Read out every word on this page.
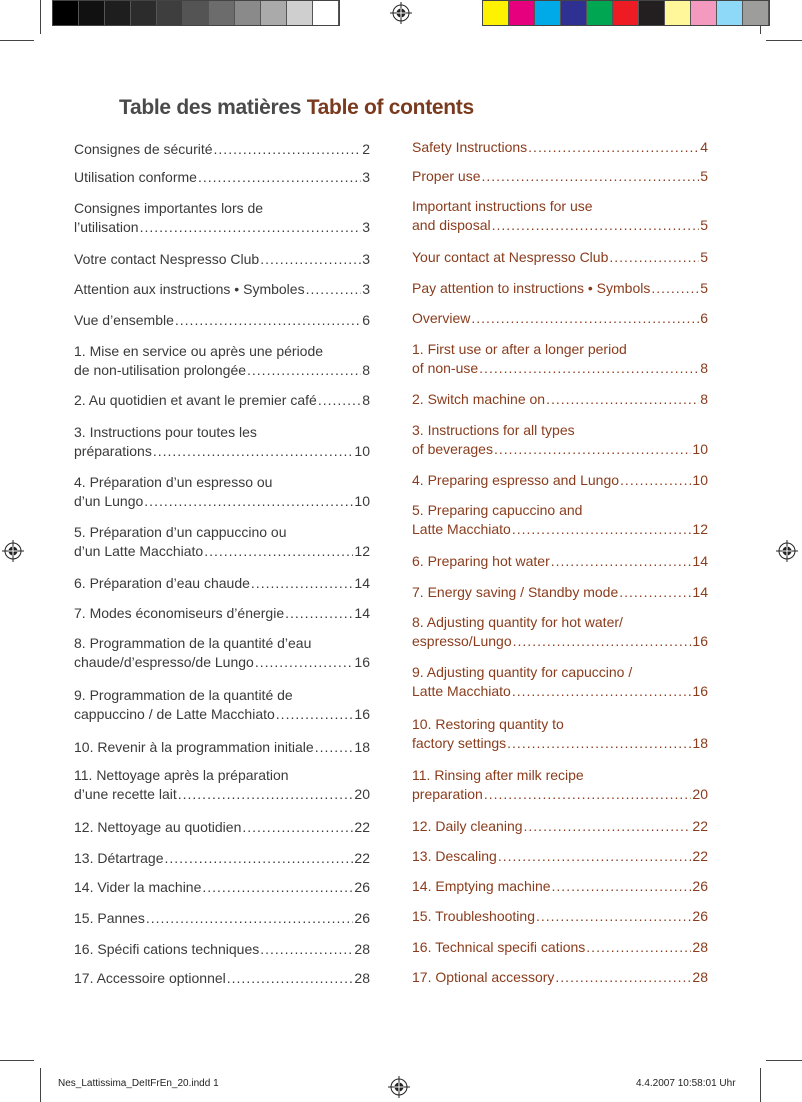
Table des matières Table of contents
Consignes de sécurité .....	2
Utilisation conforme .....	3
Consignes importantes lors de
l’utilisation .....	3
Votre contact Nespresso Club .....	3
Attention aux instructions • Symboles .....	3
Vue d’ensemble .....	6
1. Mise en service ou après une période
de non-utilisation prolongée .....	8
2. Au quotidien et avant le premier café .....	8
3. Instructions pour toutes les
préparations .....	10
4. Préparation d’un espresso ou
d’un Lungo .....	10
5. Préparation d’un cappuccino ou
d’un Latte Macchiato .....	12
6. Préparation d’eau chaude .....	14
7. Modes économiseurs d’énergie .....	14
8. Programmation de la quantité d’eau
chaude/d’espresso/de Lungo .....	16
9. Programmation de la quantité de
cappuccino / de Latte Macchiato .....	16
10. Revenir à la programmation initiale .....	18
11. Nettoyage après la préparation
d’une recette lait .....	20
12. Nettoyage au quotidien .....	22
13. Détartrage .....	22
14. Vider la machine .....	26
15. Pannes .....	26
16. Spécifi cations techniques .....	28
17. Accessoire optionnel .....	28
Safety Instructions .....	4
Proper use .....	5
Important instructions for use
and disposal .....	5
Your contact at Nespresso Club .....	5
Pay attention to instructions • Symbols .....	5
Overview .....	6
1. First use or after a longer period
of non-use .....	8
2. Switch machine on .....	8
3. Instructions for all types
of beverages .....	10
4. Preparing espresso and Lungo .....	10
5. Preparing capuccino and
Latte Macchiato .....	12
6. Preparing hot water .....	14
7. Energy saving / Standby mode .....	14
8. Adjusting quantity for hot water/
espresso/Lungo .....	16
9. Adjusting quantity for capuccino /
Latte Macchiato .....	16
10. Restoring quantity to
factory settings .....	18
11. Rinsing after milk recipe
preparation .....	20
12. Daily cleaning .....	22
13. Descaling .....	22
14. Emptying machine .....	26
15. Troubleshooting .....	26
16. Technical specifi cations .....	28
17. Optional accessory .....	28
Nes_Lattissima_DeItFrEn_20.indd 1	4.4.2007 10:58:01 Uhr
